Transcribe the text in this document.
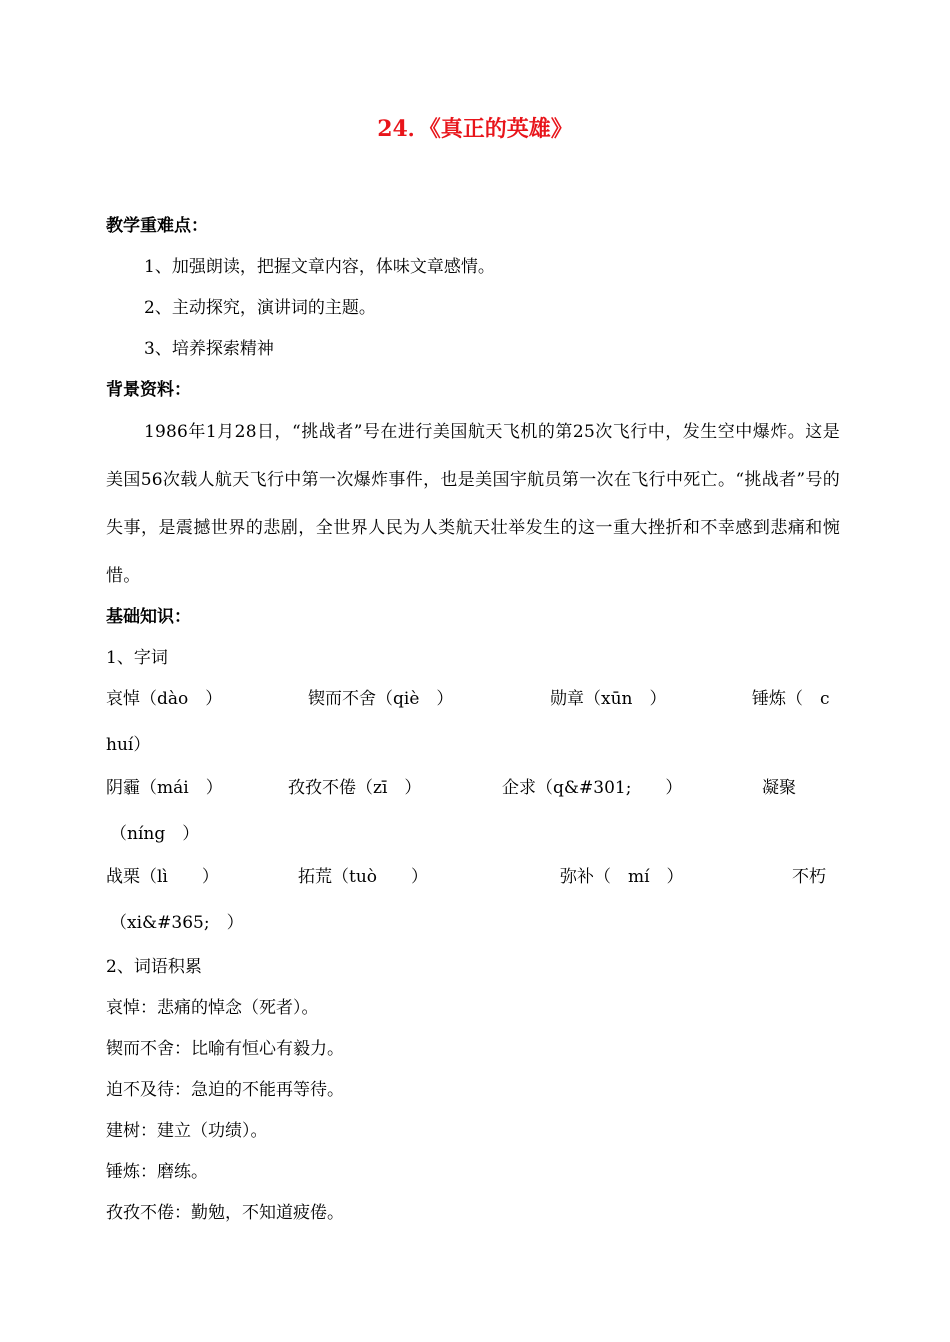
24．《真正的英雄》
教学重难点：
1、加强朗读，把握文章内容，体味文章感情。
2、主动探究，演讲词的主题。
3、培养探索精神
背景资料：
1986年1月28日，“挑战者”号在进行美国航天飞机的第25次飞行中，发生空中爆炸。这是美国56次载人航天飞行中第一次爆炸事件，也是美国宇航员第一次在飞行中死亡。“挑战者”号的失事，是震撼世界的悲剧，全世界人民为人类航天壮举发生的这一重大挫折和不幸感到悲痛和惋惜。
基础知识：
1、字词
哀悼（dào　）	锲而不舍（qiè　）	勋章（xūn　）	锤炼（　c
huí）
阴霾（mái　）	孜孜不倦（zī　）	企求（q&#301;　　）	凝聚
（níng　）
战栗（lì　　）	拓荒（tuò　　）	弥补（　mí　）	不朽
（xi&#365;　）
2、词语积累
哀悼：悲痛的悼念（死者）。
锲而不舍：比喻有恒心有毅力。
迫不及待：急迫的不能再等待。
建树：建立（功绩）。
锤炼：磨练。
孜孜不倦：勤勉，不知道疲倦。
